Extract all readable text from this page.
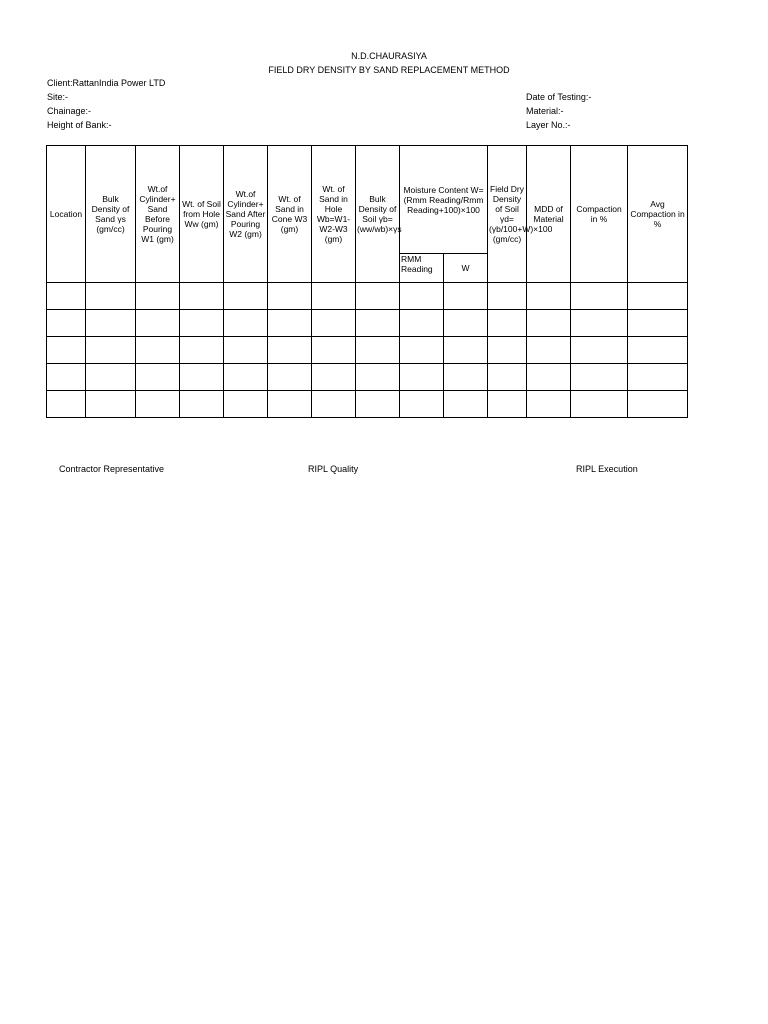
N.D.CHAURASIYA
FIELD DRY DENSITY BY SAND REPLACEMENT METHOD
Client:RattanIndia Power LTD
Site:-
Chainage:-
Height of Bank:-
Date of Testing:-
Material:-
Layer No.:-
Location	Bulk Density of Sand γs (gm/cc)	Wt.of Cylinder+ Sand Before Pouring W1 (gm)	Wt. of Soil from Hole Ww (gm)	Wt.of Cylinder+ Sand After Pouring W2 (gm)	Wt. of Sand in Cone W3 (gm)	Wt. of Sand in Hole Wb=W1-W2-W3 (gm)	Bulk Density of Soil γb=(ww/wb)×γs	Moisture Content W=(Rmm Reading/Rmm Reading+100)×100		Field Dry Density of Soil γd=(γb/100+W)×100 (gm/cc)	MDD of Material	Compaction in %	Avg Compaction in %
								RMM Reading	W				

Contractor Representative	RIPL Quality	RIPL Execution
